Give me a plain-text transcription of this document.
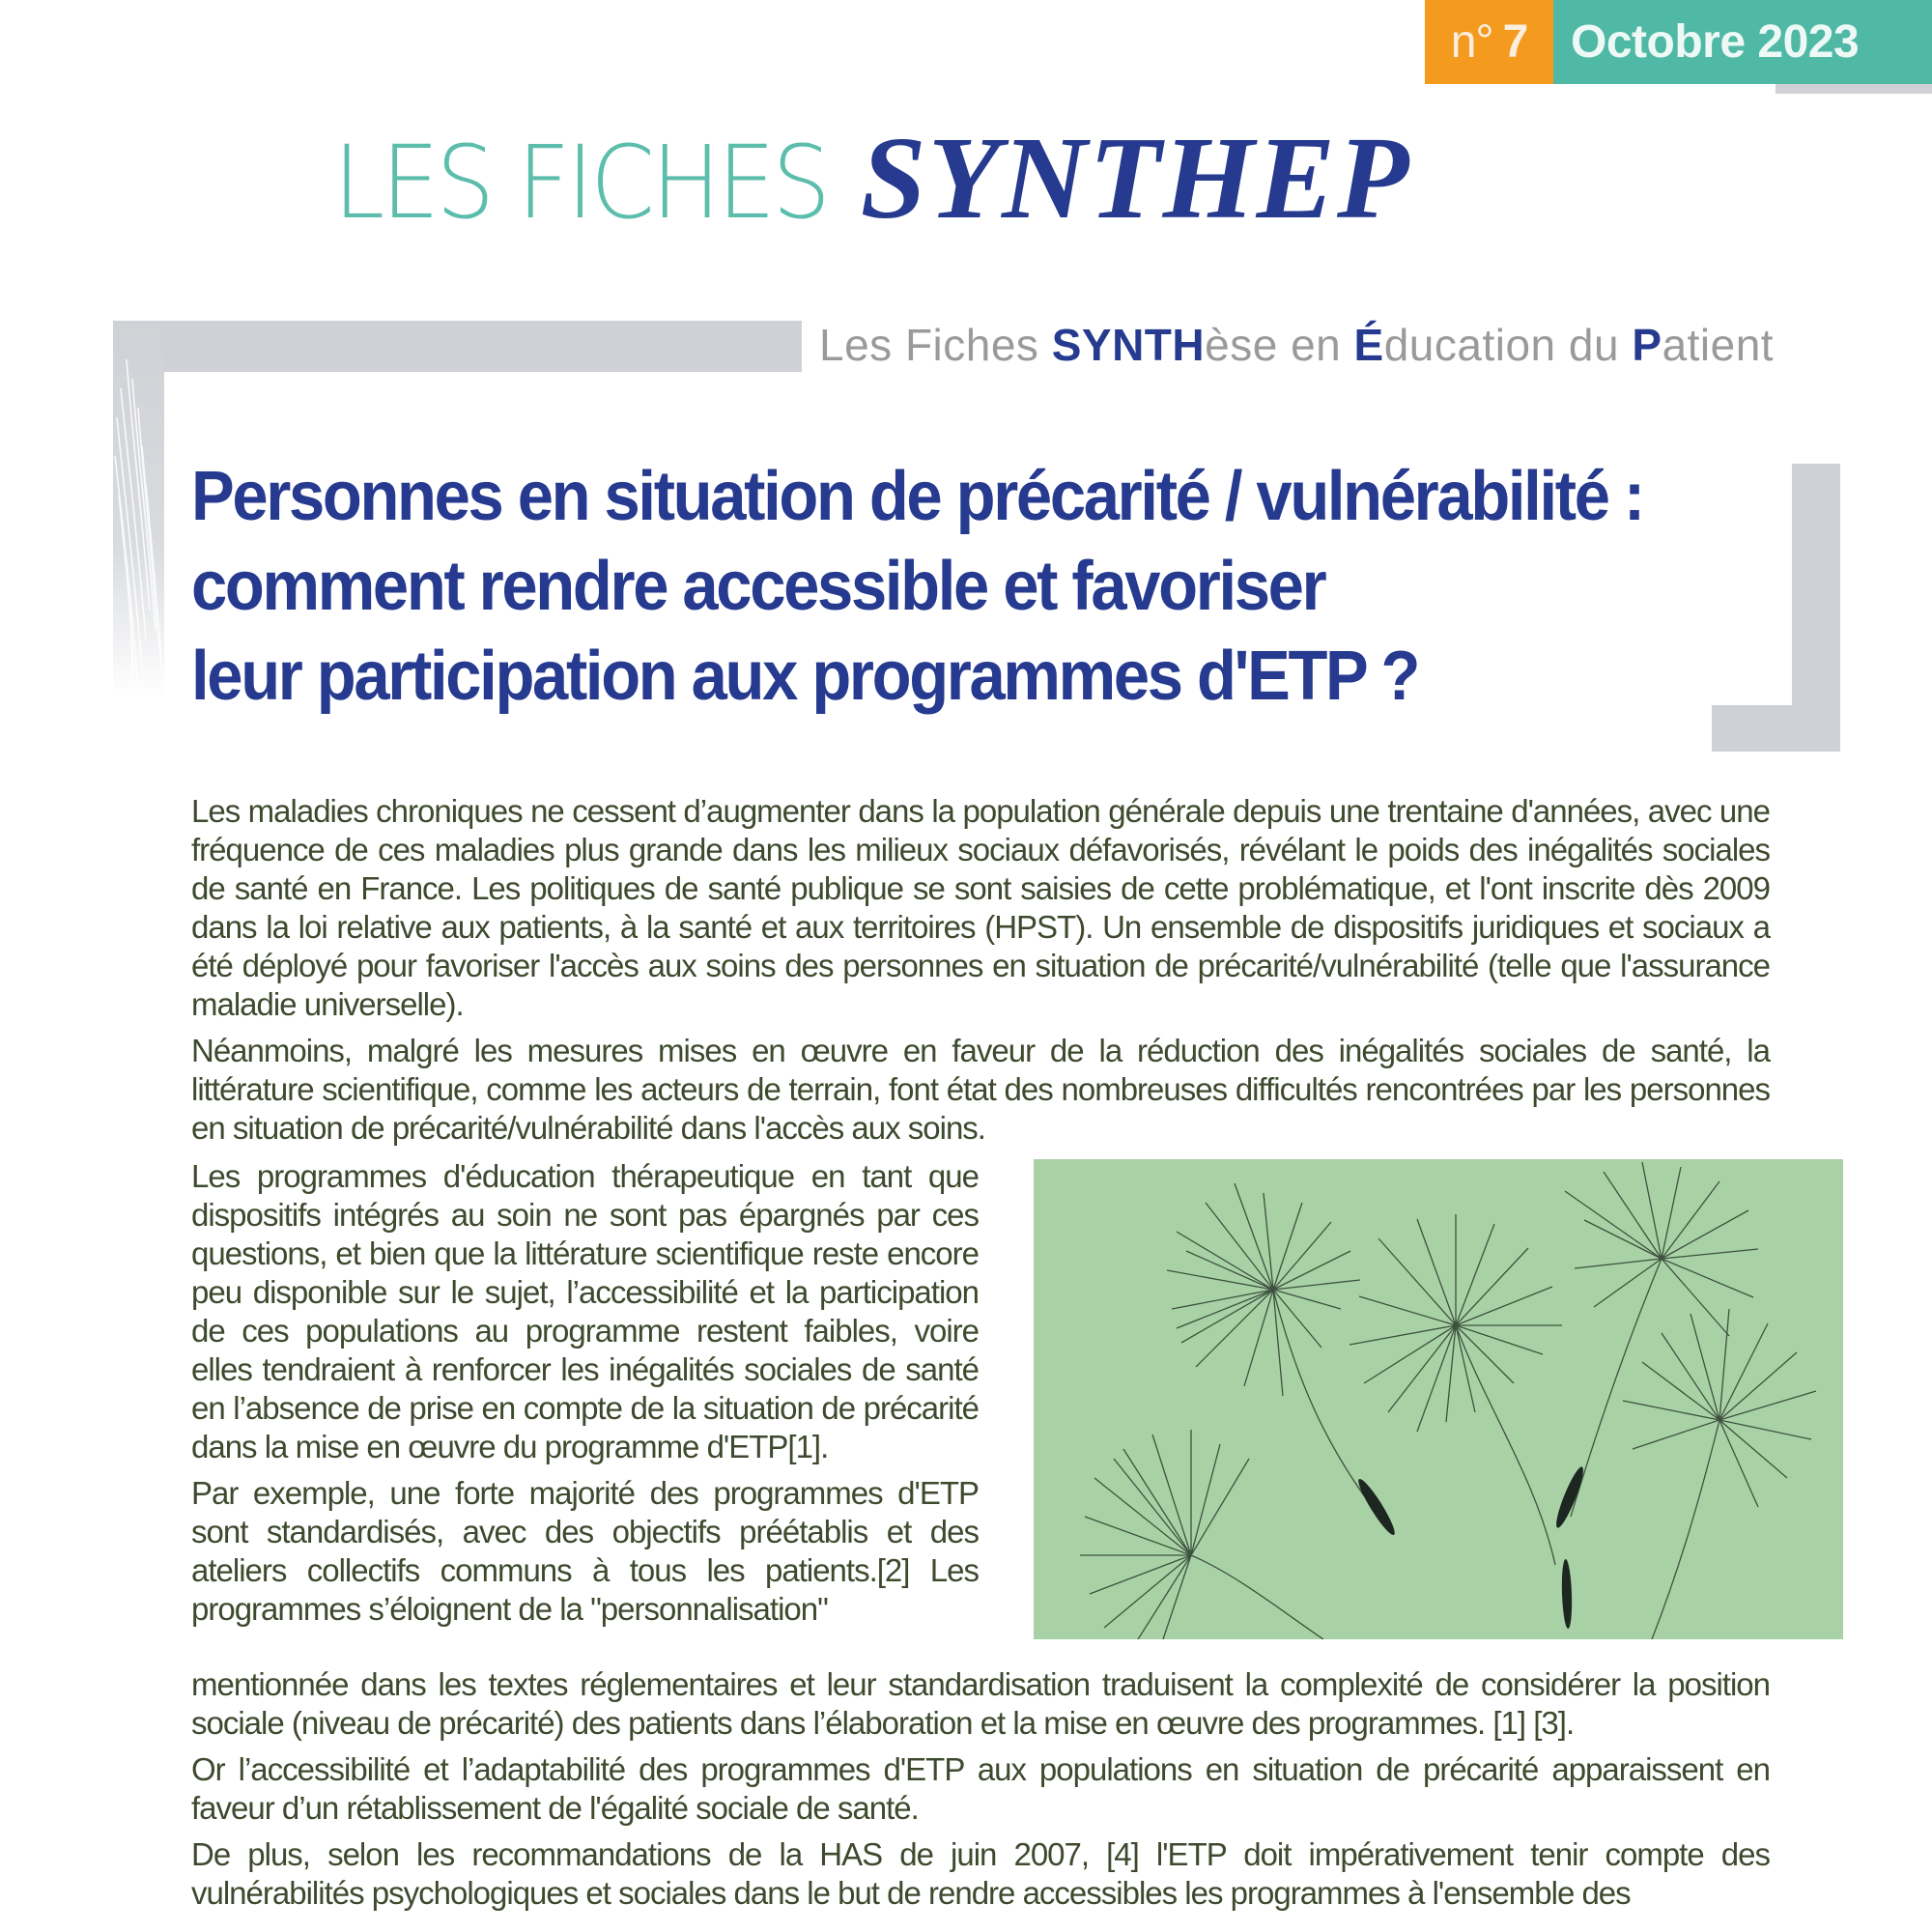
n° 7 Octobre 2023
LES FICHES SYNTHEP
Les Fiches SYNTHèse en Éducation du Patient
Personnes en situation de précarité / vulnérabilité :
comment rendre accessible et favoriser
leur participation aux programmes d'ETP ?

Les maladies chroniques ne cessent d’augmenter dans la population générale depuis une trentaine d'années, avec une fréquence de ces maladies plus grande dans les milieux sociaux défavorisés, révélant le poids des inégalités sociales de santé en France. Les politiques de santé publique se sont saisies de cette problématique, et l'ont inscrite dès 2009 dans la loi relative aux patients, à la santé et aux territoires (HPST). Un ensemble de dispositifs juridiques et sociaux a été déployé pour favoriser l'accès aux soins des personnes en situation de précarité/vulnérabilité (telle que l'assurance maladie universelle).

Néanmoins, malgré les mesures mises en œuvre en faveur de la réduction des inégalités sociales de santé, la littérature scientifique, comme les acteurs de terrain, font état des nombreuses difficultés rencontrées par les personnes en situation de précarité/vulnérabilité dans l'accès aux soins.

Les programmes d'éducation thérapeutique en tant que dispositifs intégrés au soin ne sont pas épargnés par ces questions, et bien que la littérature scientifique reste encore peu disponible sur le sujet, l’accessibilité et la participation de ces populations au programme restent faibles, voire elles tendraient à renforcer les inégalités sociales de santé en l’absence de prise en compte de la situation de précarité dans la mise en œuvre du programme d'ETP[1].

Par exemple, une forte majorité des programmes d'ETP sont standardisés, avec des objectifs préétablis et des ateliers collectifs communs à tous les patients.[2] Les programmes s’éloignent de la "personnalisation"

mentionnée dans les textes réglementaires et leur standardisation traduisent la complexité de considérer la position sociale (niveau de précarité) des patients dans l’élaboration et la mise en œuvre des programmes. [1] [3].

Or l’accessibilité et l’adaptabilité des programmes d'ETP aux populations en situation de précarité apparaissent en faveur d’un rétablissement de l'égalité sociale de santé.

De plus, selon les recommandations de la HAS de juin 2007, [4] l'ETP doit impérativement tenir compte des vulnérabilités psychologiques et sociales dans le but de rendre accessibles les programmes à l'ensemble des
